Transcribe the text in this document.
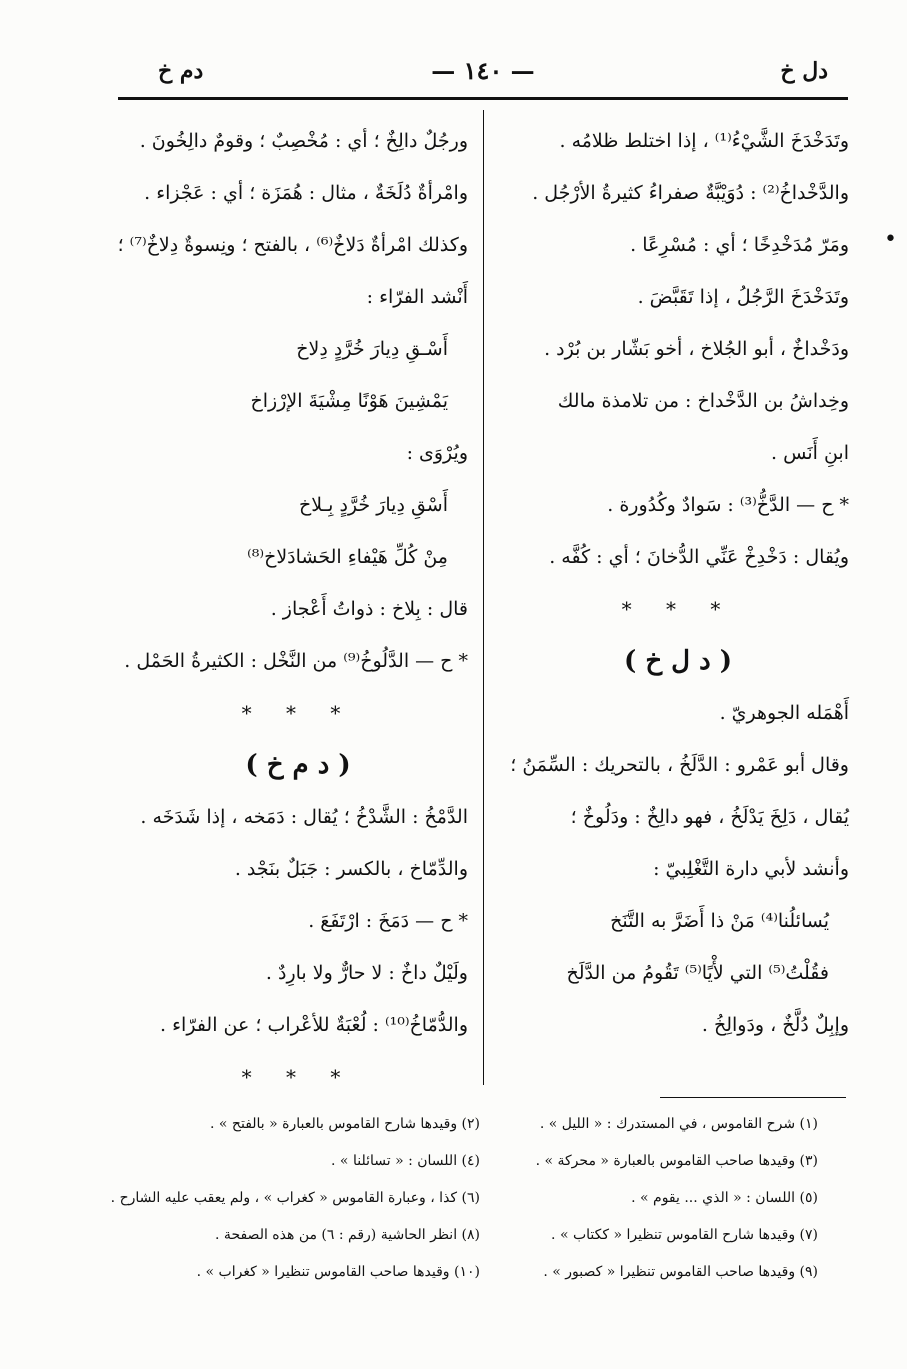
دل خ
— ١٤٠ —
دم خ
•
وتَدَخْدَخَ الشَّيْءُ⁽¹⁾ ، إذا اختلط ظلامُه .
والدَّخْداخُ⁽²⁾ : دُوَيْبَّةٌ صفراءُ كثيرةُ الأرْجُل .
ومَرّ مُدَخْدِخًا ؛ أي : مُسْرِعًا .
وتَدَخْدَخَ الرَّجُلُ ، إذا تَقَبَّضَ .
ودَخْداخٌ ، أبو الجُلاخ ، أخو بَشّار بن بُرْد .
وخِداشُ بن الدَّخْداخ : من تلامذة مالك
ابنِ أَنَس .
* ح — الدَّخُّ⁽³⁾ : سَوادٌ وكُدُورة .
ويُقال : دَخْدِخْ عَنِّي الدُّخانَ ؛ أي : كُفَّه .
* * *
( د ل خ )
أَهْمَله الجوهريّ .
وقال أبو عَمْرو : الدَّلَخُ ، بالتحريك : السِّمَنُ ؛
يُقال ، دَلِخَ يَدْلَخُ ، فهو دالِخٌ : ودَلُوخٌ ؛
وأنشد لأبي دارة التَّغْلِبيّ :
يُسائلُنا⁽⁴⁾ مَنْ ذا أَضَرَّ به التَّنَخ
فقُلْتُ⁽⁵⁾ التي لأْيًا⁽⁵⁾ تَقُومُ من الدَّلَخ
وإبِلٌ دُلَّخٌ ، ودَوالِخُ .
ورجُلٌ دالِخٌ ؛ أي : مُخْصِبٌ ؛ وقومٌ دالِخُونَ .
وامْرأةٌ دُلَخَةٌ ، مثال : هُمَزَة ؛ أي : عَجْزاء .
وكذلك امْرأةٌ دَلاخٌ⁽⁶⁾ ، بالفتح ؛ ونِسوةٌ دِلاخٌ⁽⁷⁾ ؛
أَنْشد الفرّاء :
أَسْـقِ دِيارَ خُرَّدٍ دِلاخ
يَمْشِينَ هَوْنًا مِشْيَةَ الإرْزاخ
ويُرْوَى :
أَسْقِ دِيارَ خُرَّدٍ بِـلاخ
مِنْ كُلِّ هَيْفاءِ الحَشادَلاخ⁽⁸⁾
قال : بِلاخ : ذواتُ أَعْجاز .
* ح — الدَّلُوخُ⁽⁹⁾ من النَّخْل : الكثيرةُ الحَمْل .
* * *
( د م خ )
الدَّمْخُ : الشَّدْخُ ؛ يُقال : دَمَخه ، إذا شَدَخَه .
والدِّمّاخ ، بالكسر : جَبَلٌ بنَجْد .
* ح — دَمَخَ : ارْتَفَعَ .
ولَيْلٌ داخٌ : لا حارٌّ ولا بارِدٌ .
والدُّمّاخُ⁽¹⁰⁾ : لُعْبَةٌ للأعْراب ؛ عن الفرّاء .
* * *
(١) شرح القاموس ، في المستدرك : « الليل » .
(٢) وقيدها شارح القاموس بالعبارة « بالفتح » .
(٣) وقيدها صاحب القاموس بالعبارة « محركة » .
(٤) اللسان : « تسائلنا » .
(٥) اللسان : « الذي ... يقوم » .
(٦) كذا ، وعبارة القاموس « كغراب » ، ولم يعقب عليه الشارح .
(٧) وقيدها شارح القاموس تنظيرا « ككتاب » .
(٨) انظر الحاشية (رقم : ٦) من هذه الصفحة .
(٩) وقيدها صاحب القاموس تنظيرا « كصبور » .
(١٠) وقيدها صاحب القاموس تنظيرا « كغراب » .
